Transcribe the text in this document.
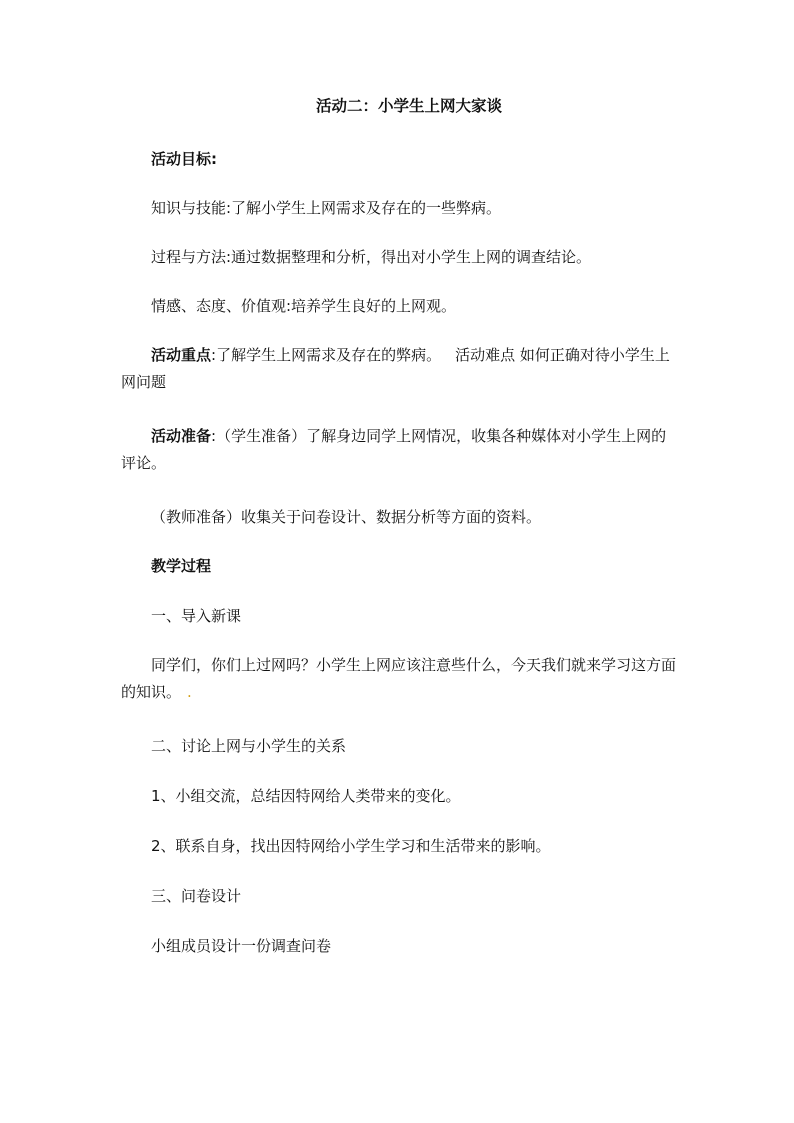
活动二：小学生上网大家谈

活动目标:

知识与技能:了解小学生上网需求及存在的一些弊病。

过程与方法:通过数据整理和分析，得出对小学生上网的调查结论。

情感、态度、价值观:培养学生良好的上网观。

活动重点:了解学生上网需求及存在的弊病。 活动难点 如何正确对待小学生上网问题

活动准备:（学生准备）了解身边同学上网情况，收集各种媒体对小学生上网的评论。

（教师准备）收集关于问卷设计、数据分析等方面的资料。

教学过程

一、导入新课

同学们，你们上过网吗？小学生上网应该注意些什么，今天我们就来学习这方面的知识。 .

二、讨论上网与小学生的关系

1、小组交流，总结因特网给人类带来的变化。

2、联系自身，找出因特网给小学生学习和生活带来的影响。

三、问卷设计

小组成员设计一份调查问卷
